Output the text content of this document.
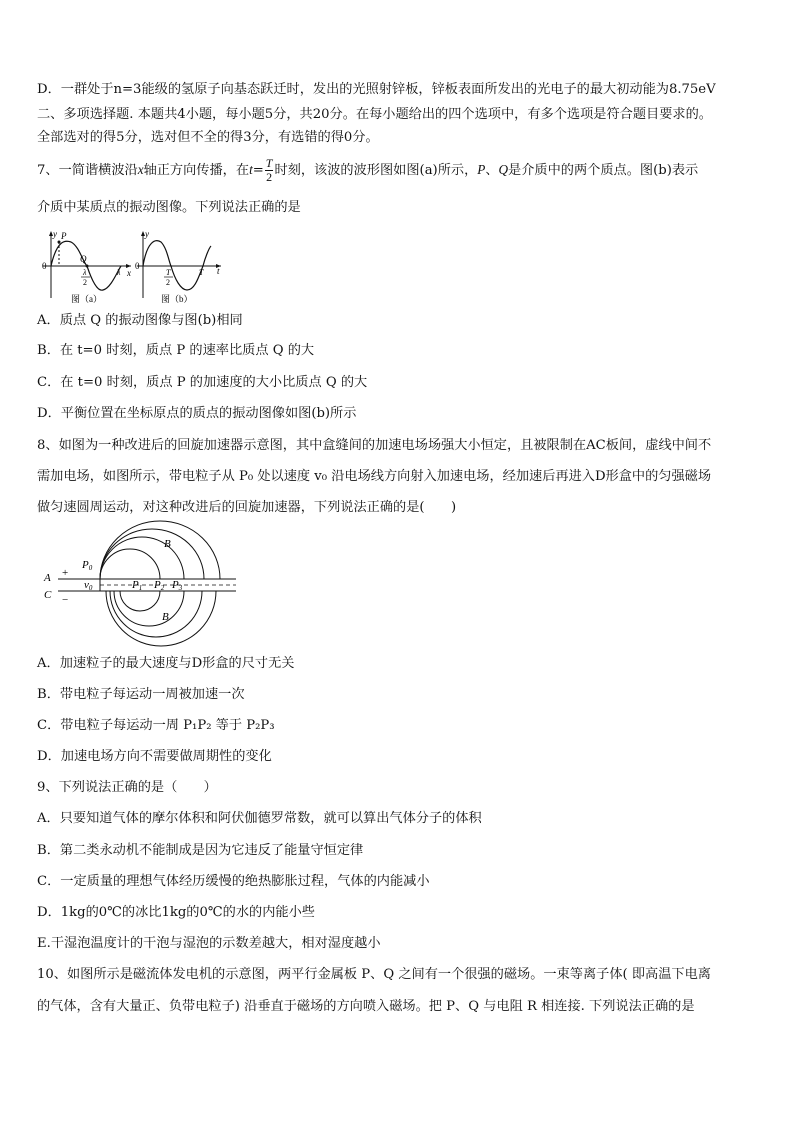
D．一群处于n=3能级的氢原子向基态跃迁时，发出的光照射锌板，锌板表面所发出的光电子的最大初动能为8.75eV
二、多项选择题. 本题共4小题，每小题5分，共20分。在每小题给出的四个选项中，有多个选项是符合题目要求的。
全部选对的得5分，选对但不全的得3分，有选错的得0分。
7、一简谐横波沿x轴正方向传播，在$t= \frac{T}{2}$ 时刻，该波的波形图如图(a)所示，P、Q是介质中的两个质点。图(b)表示
介质中某质点的振动图像。下列说法正确的是
y P
Q
0
λ
2
λ x
图（a）
y
0
T
2
T t
图（b）
A．质点 Q 的振动图像与图(b)相同
B．在 t=0 时刻，质点 P 的速率比质点 Q 的大
C．在 t=0 时刻，质点 P 的加速度的大小比质点 Q 的大
D．平衡位置在坐标原点的质点的振动图像如图(b)所示
8、如图为一种改进后的回旋加速器示意图，其中盒缝间的加速电场场强大小恒定，且被限制在AC板间，虚线中间不
需加电场，如图所示，带电粒子从 P₀ 处以速度 v₀ 沿电场线方向射入加速电场，经加速后再进入D形盒中的匀强磁场
做匀速圆周运动，对这种改进后的回旋加速器，下列说法正确的是(　　)
A
C
+
−
P0
v0	P1 P2 P3
B
B
A．加速粒子的最大速度与D形盒的尺寸无关
B．带电粒子每运动一周被加速一次
C．带电粒子每运动一周 P₁P₂ 等于 P₂P₃
D．加速电场方向不需要做周期性的变化
9、下列说法正确的是（　　）
A．只要知道气体的摩尔体积和阿伏伽德罗常数，就可以算出气体分子的体积
B．第二类永动机不能制成是因为它违反了能量守恒定律
C．一定质量的理想气体经历缓慢的绝热膨胀过程，气体的内能减小
D．1kg的0℃的冰比1kg的0℃的水的内能小些
E.干湿泡温度计的干泡与湿泡的示数差越大，相对湿度越小
10、如图所示是磁流体发电机的示意图，两平行金属板 P、Q 之间有一个很强的磁场。一束等离子体( 即高温下电离
的气体，含有大量正、负带电粒子) 沿垂直于磁场的方向喷入磁场。把 P、Q 与电阻 R 相连接. 下列说法正确的是
